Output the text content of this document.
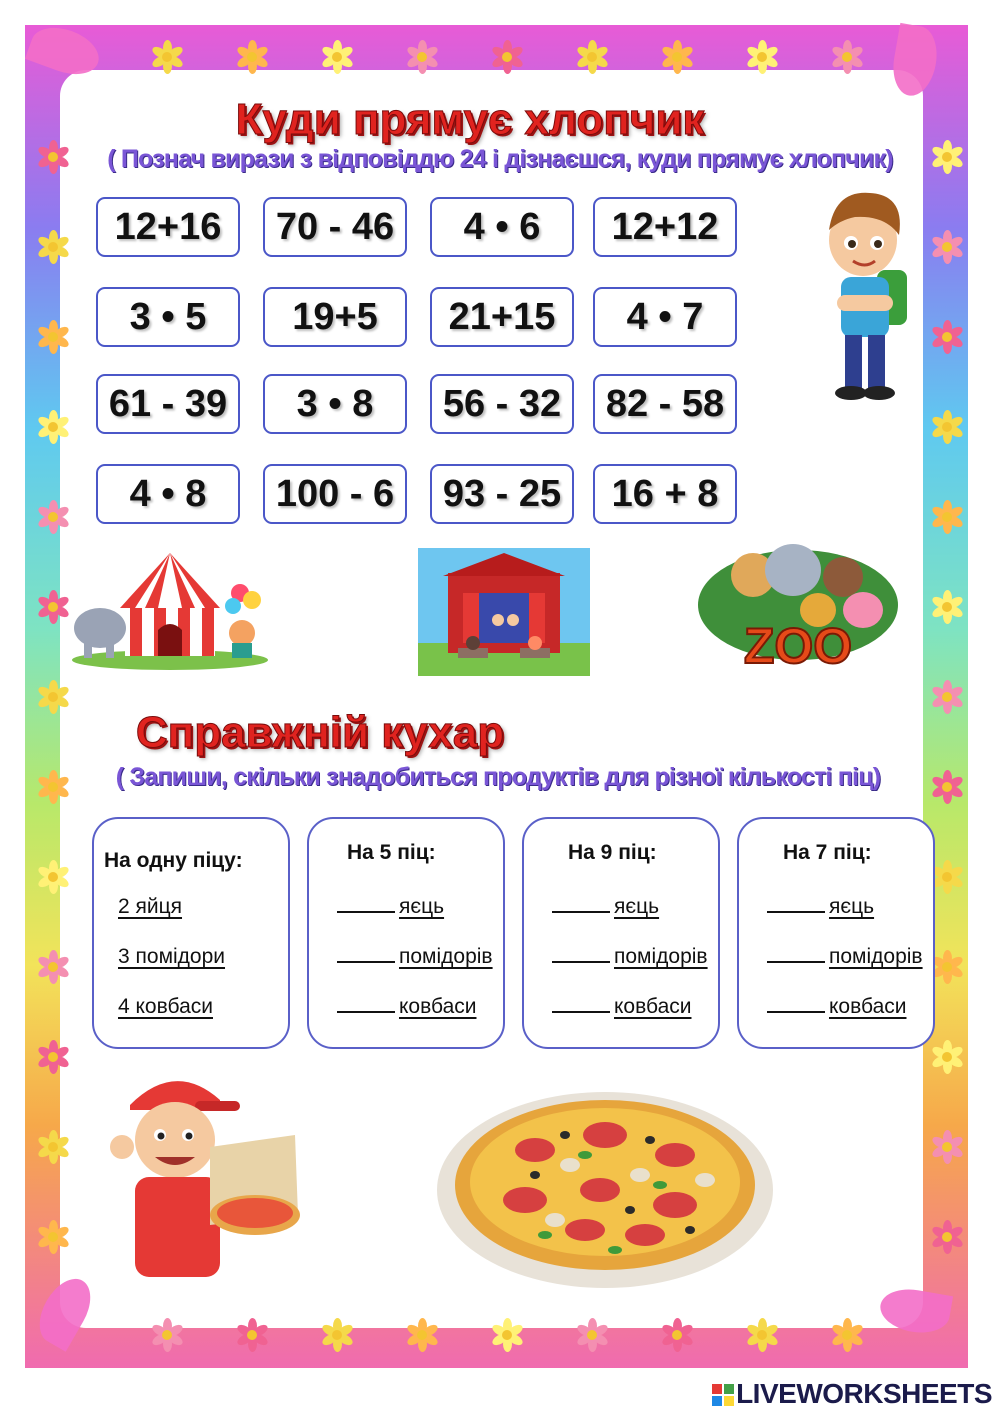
Куди прямує хлопчик
( Познач вирази з відповіддю 24 і дізнаєшся, куди прямує хлопчик)
12+16	70 - 46	4 • 6	12+12
3 • 5	19+5	21+15	4 • 7
61 - 39	3 • 8	56 - 32	82 - 58
4 • 8	100 - 6	93 - 25	16 + 8
ZOO
Справжній кухар
( Запиши, скільки знадобиться продуктів для різної кількості піц)
На одну піцу:
2 яйця
3 помідори
4 ковбаси
На 5 піц:
яєць
помідорів
ковбаси
На 9 піц:
яєць
помідорів
ковбаси
На 7 піц:
яєць
помідорів
ковбаси
LIVEWORKSHEETS
